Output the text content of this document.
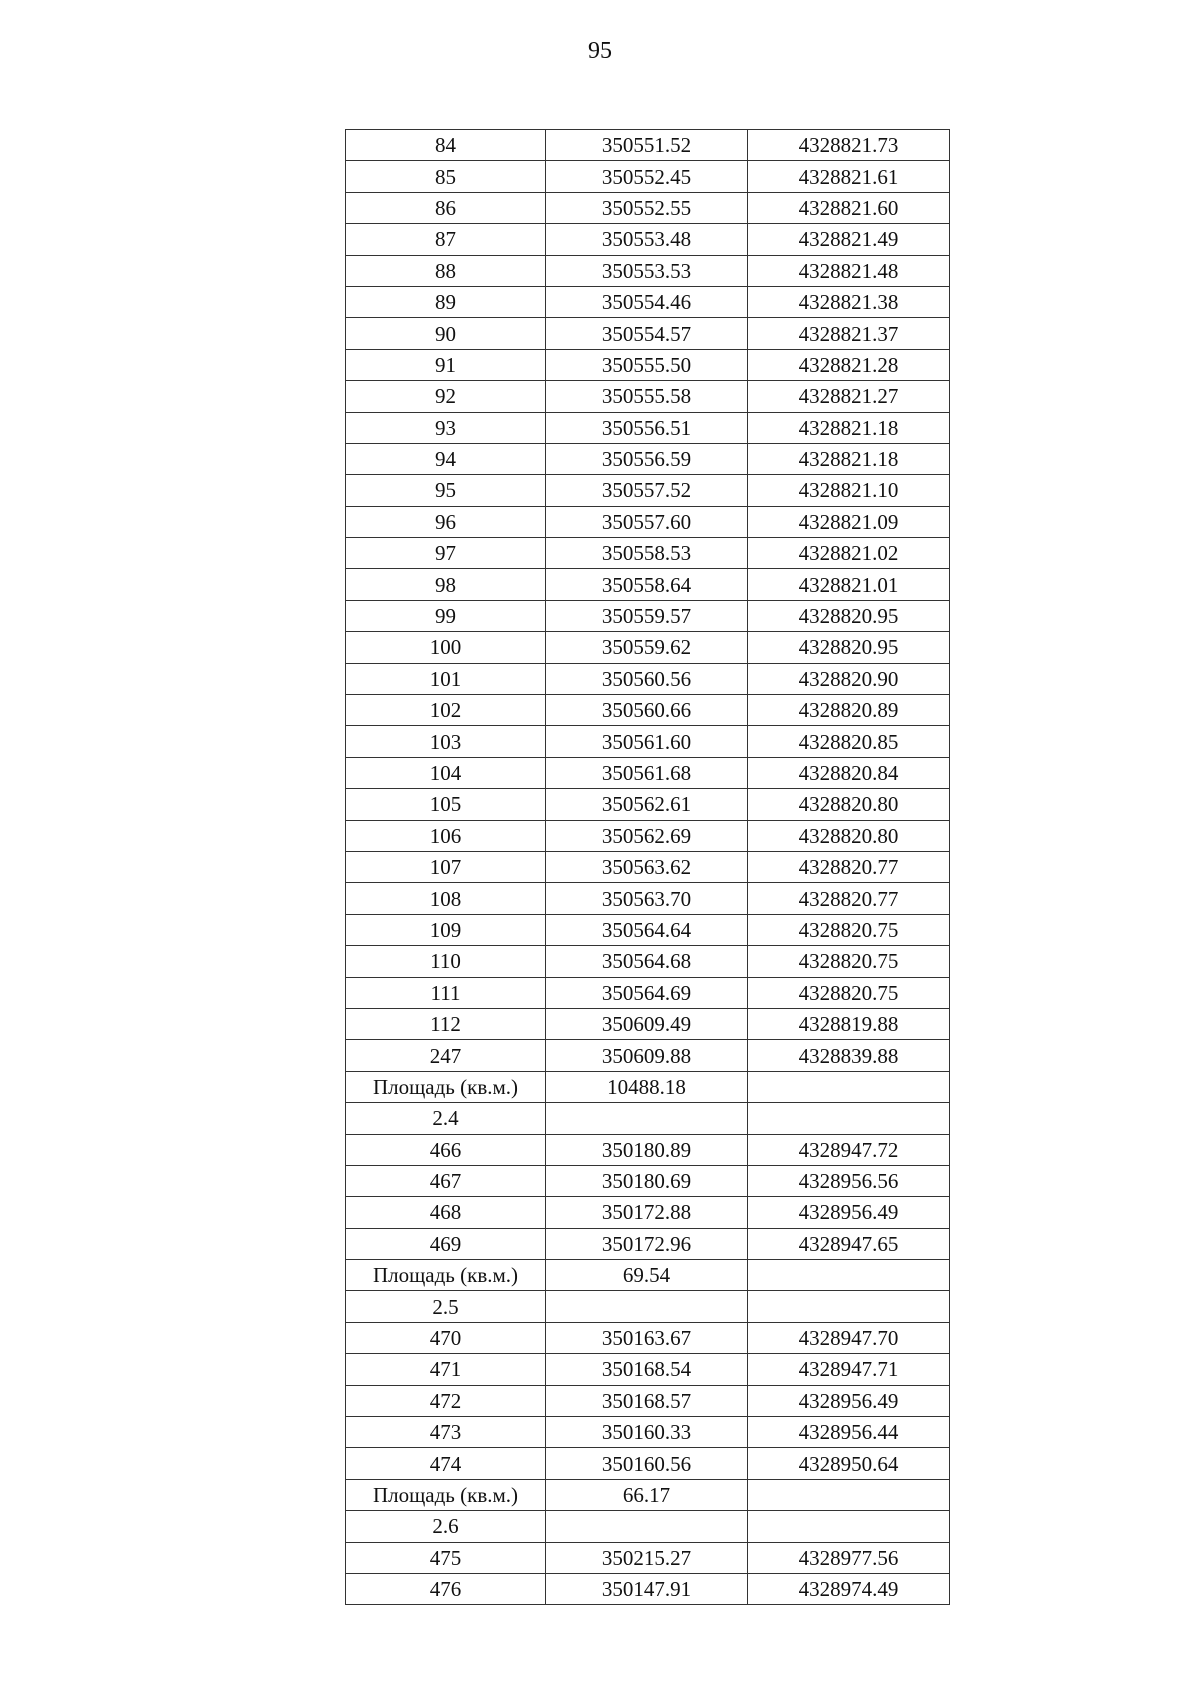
95
84	350551.52	4328821.73
85	350552.45	4328821.61
86	350552.55	4328821.60
87	350553.48	4328821.49
88	350553.53	4328821.48
89	350554.46	4328821.38
90	350554.57	4328821.37
91	350555.50	4328821.28
92	350555.58	4328821.27
93	350556.51	4328821.18
94	350556.59	4328821.18
95	350557.52	4328821.10
96	350557.60	4328821.09
97	350558.53	4328821.02
98	350558.64	4328821.01
99	350559.57	4328820.95
100	350559.62	4328820.95
101	350560.56	4328820.90
102	350560.66	4328820.89
103	350561.60	4328820.85
104	350561.68	4328820.84
105	350562.61	4328820.80
106	350562.69	4328820.80
107	350563.62	4328820.77
108	350563.70	4328820.77
109	350564.64	4328820.75
110	350564.68	4328820.75
111	350564.69	4328820.75
112	350609.49	4328819.88
247	350609.88	4328839.88
Площадь (кв.м.)	10488.18	
2.4		
466	350180.89	4328947.72
467	350180.69	4328956.56
468	350172.88	4328956.49
469	350172.96	4328947.65
Площадь (кв.м.)	69.54	
2.5		
470	350163.67	4328947.70
471	350168.54	4328947.71
472	350168.57	4328956.49
473	350160.33	4328956.44
474	350160.56	4328950.64
Площадь (кв.м.)	66.17	
2.6		
475	350215.27	4328977.56
476	350147.91	4328974.49
